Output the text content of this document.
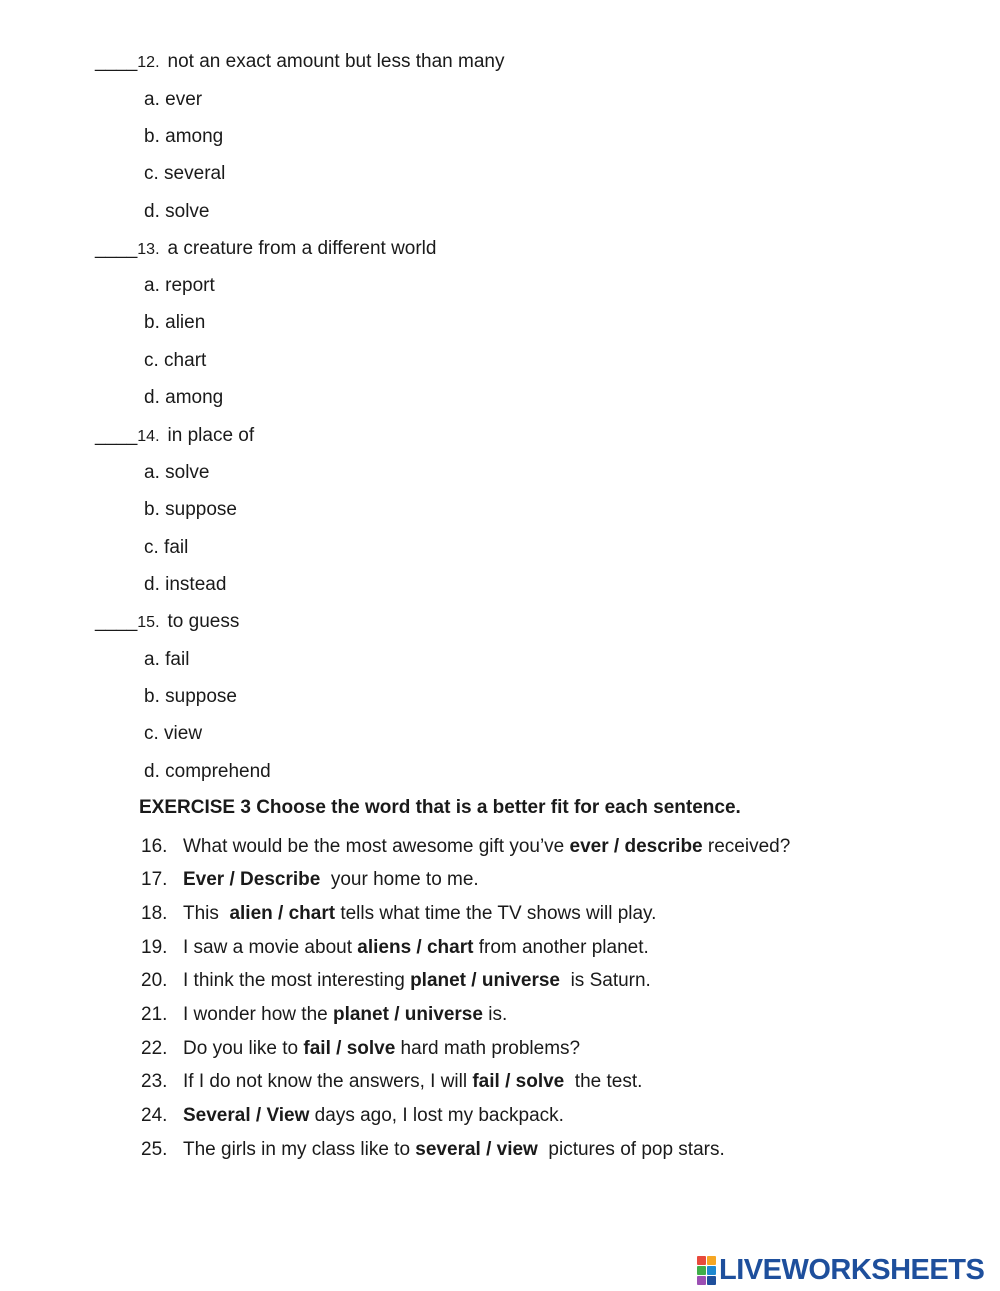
____12. not an exact amount but less than many
a. ever
b. among
c. several
d. solve
____13. a creature from a different world
a. report
b. alien
c. chart
d. among
____14. in place of
a. solve
b. suppose
c. fail
d. instead
____15. to guess
a. fail
b. suppose
c. view
d. comprehend
EXERCISE 3 Choose the word that is a better fit for each sentence.
16. What would be the most awesome gift you’ve ever / describe received?
17. Ever / Describe  your home to me.
18. This  alien / chart tells what time the TV shows will play.
19. I saw a movie about aliens / chart from another planet.
20. I think the most interesting planet / universe  is Saturn.
21. I wonder how the planet / universe is.
22. Do you like to fail / solve hard math problems?
23. If I do not know the answers, I will fail / solve  the test.
24. Several / View days ago, I lost my backpack.
25. The girls in my class like to several / view  pictures of pop stars.
LIVEWORKSHEETS
